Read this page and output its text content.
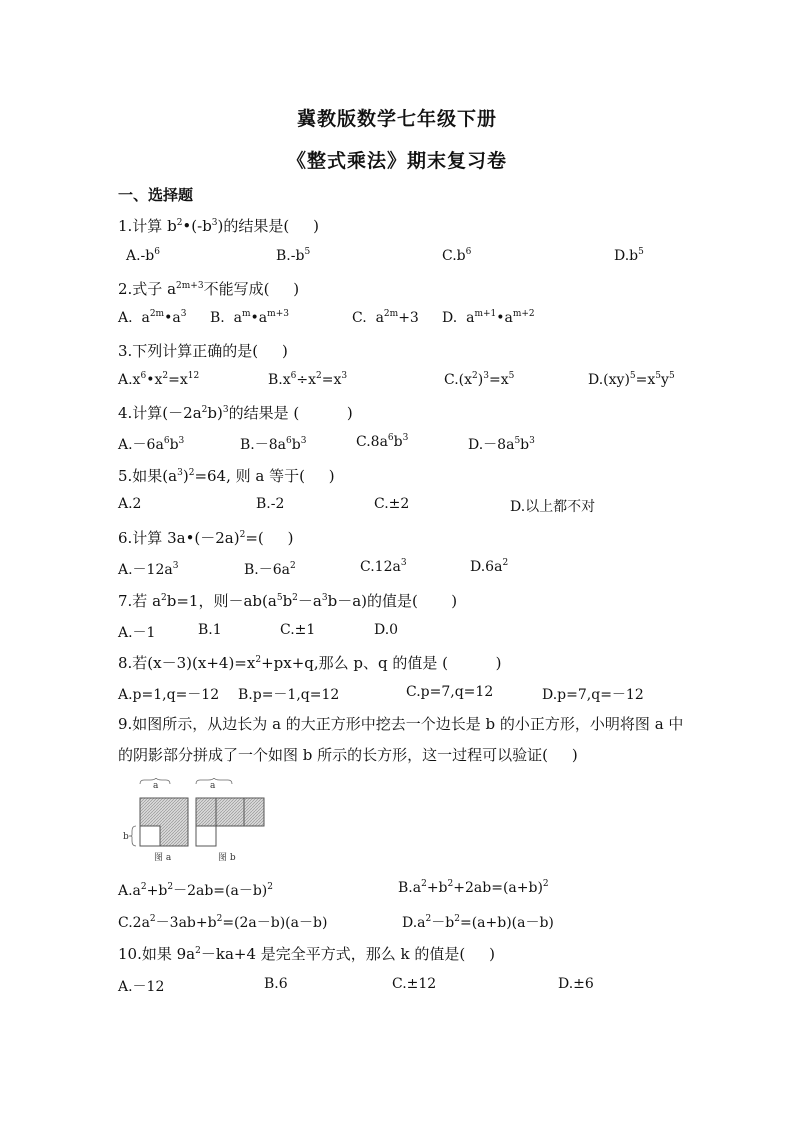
冀教版数学七年级下册
《整式乘法》期末复习卷
一、选择题
1.计算 $b^2•(-b^3)$的结果是(     )
$A.-b^6$	$B.-b^5$	$C.b^6$	$D.b^5$
2.式子 $a^{2m+3}$不能写成(     )
A.  $a^{2m}•a^3$ B.  $a^m•a^{m+3}$	C.  $a^{2m}+3$ D.  $a^{m+1}•a^{m+2}$
3.下列计算正确的是(     )
$A.x^6•x^2=x^{12}$	$B.x^6\div x^2=x^3$	$C.(x^2)^3=x^5$	$D.(xy)^5=x^5y^5$
4.计算$(-2a^2b)^3$的结果是 (          )
$A.-6a^6b^3$	$B.-8a^6b^3$	$C.8a^6b^3$	$D.-8a^5b^3$
5.如果$(a^3)^2=64$, 则 a 等于(     )
A.2	B.-2	C.±2	D.以上都不对
6.计算 $3a•(-2a)^2=$(     )
$A.-12a^3$	$B.-6a^2$	$C.12a^3$	$D.6a^2$
7.若 $a^2b=1$，则$-ab(a^5b^2-a^3b-a)$的值是(       )
A.－1	B.1	C.±1	D.0
8.若$(x-3)(x+4)=x^2+px+q$,那么 p、q 的值是 (          )
A.p=1,q=－12 B.p=－1,q=12	C.p=7,q=12	D.p=7,q=－12
9.如图所示，从边长为 a 的大正方形中挖去一个边长是 b 的小正方形，小明将图 a 中的阴影部分拼成了一个如图 b 所示的长方形，这一过程可以验证(     )
a
b
图 a
a
图 b
$A.a^2+b^2-2ab=(a-b)^2$	$B.a^2+b^2+2ab=(a+b)^2$
$C.2a^2-3ab+b^2=(2a-b)(a-b)$	$D.a^2-b^2=(a+b)(a-b)$
10.如果 $9a^2-ka+4$ 是完全平方式，那么 k 的值是(     )
A.－12	B.6	C.±12	D.±6
